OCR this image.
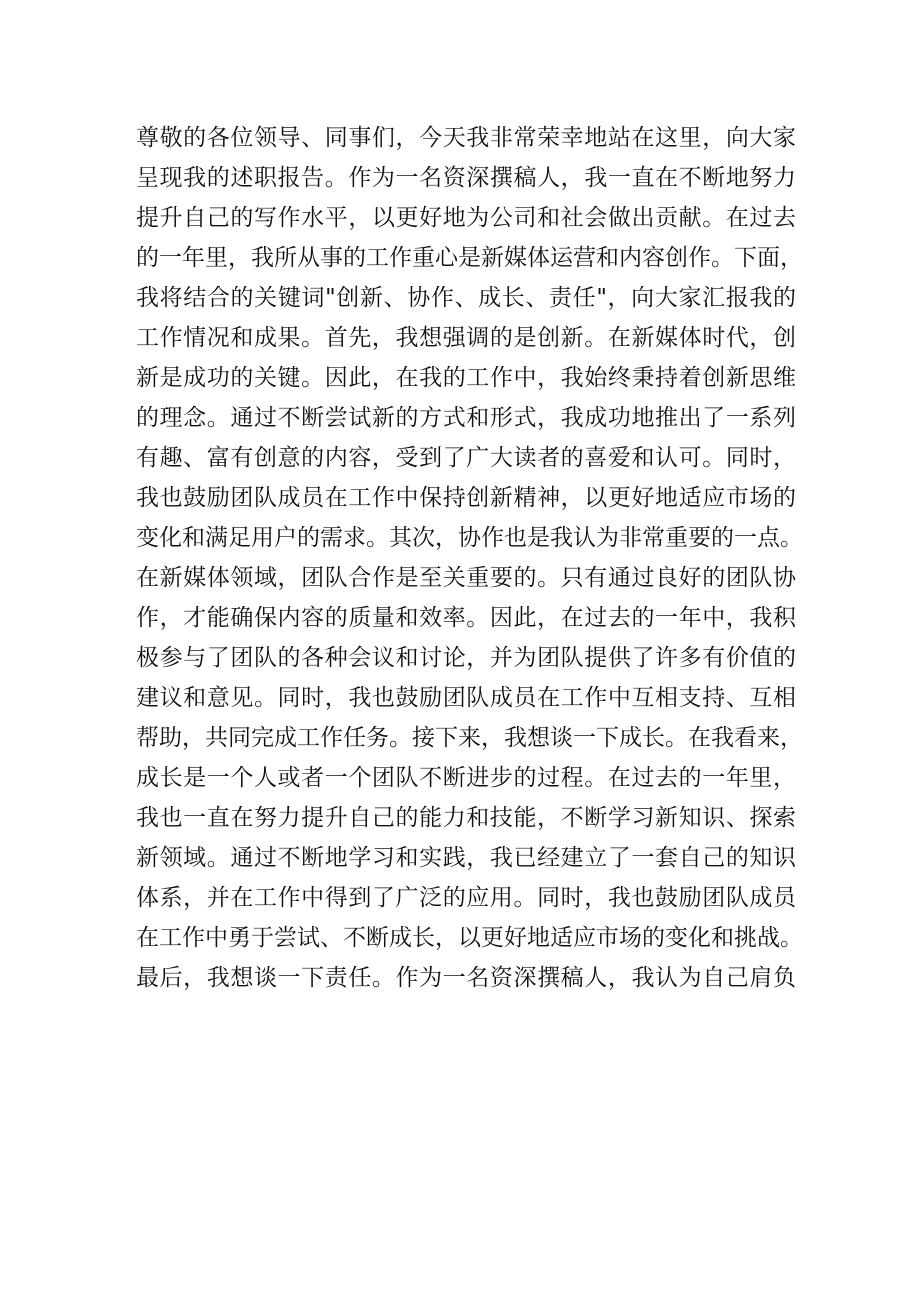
尊敬的各位领导、同事们，今天我非常荣幸地站在这里，向大家
呈现我的述职报告。作为一名资深撰稿人，我一直在不断地努力
提升自己的写作水平，以更好地为公司和社会做出贡献。在过去
的一年里，我所从事的工作重心是新媒体运营和内容创作。下面，
我将结合的关键词"创新、协作、成长、责任"，向大家汇报我的
工作情况和成果。首先，我想强调的是创新。在新媒体时代，创
新是成功的关键。因此，在我的工作中，我始终秉持着创新思维
的理念。通过不断尝试新的方式和形式，我成功地推出了一系列
有趣、富有创意的内容，受到了广大读者的喜爱和认可。同时，
我也鼓励团队成员在工作中保持创新精神，以更好地适应市场的
变化和满足用户的需求。其次，协作也是我认为非常重要的一点。
在新媒体领域，团队合作是至关重要的。只有通过良好的团队协
作，才能确保内容的质量和效率。因此，在过去的一年中，我积
极参与了团队的各种会议和讨论，并为团队提供了许多有价值的
建议和意见。同时，我也鼓励团队成员在工作中互相支持、互相
帮助，共同完成工作任务。接下来，我想谈一下成长。在我看来，
成长是一个人或者一个团队不断进步的过程。在过去的一年里，
我也一直在努力提升自己的能力和技能，不断学习新知识、探索
新领域。通过不断地学习和实践，我已经建立了一套自己的知识
体系，并在工作中得到了广泛的应用。同时，我也鼓励团队成员
在工作中勇于尝试、不断成长，以更好地适应市场的变化和挑战。
最后，我想谈一下责任。作为一名资深撰稿人，我认为自己肩负
